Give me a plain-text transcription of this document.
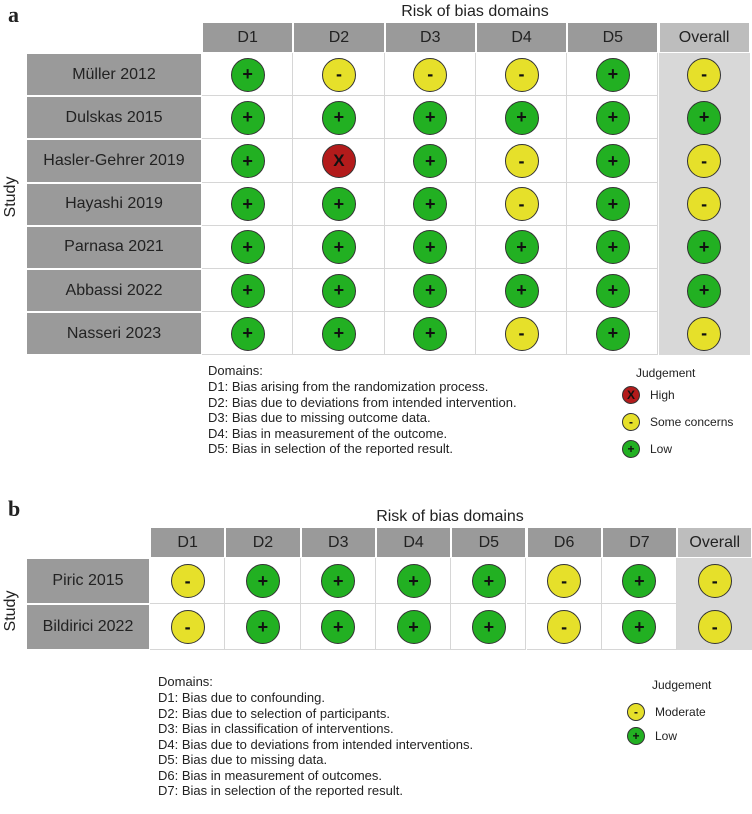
a	Risk of bias domains
Study
D1	D2	D3	D4	D5	Overall
Müller 2012	+	-	-	-	+	-
Dulskas 2015	+	+	+	+	+	+
Hasler-Gehrer 2019	+	X	+	-	+	-
Hayashi 2019	+	+	+	-	+	-
Parnasa 2021	+	+	+	+	+	+
Abbassi 2022	+	+	+	+	+	+
Nasseri 2023	+	+	+	-	+	-
Domains:
D1: Bias arising from the randomization process.
D2: Bias due to deviations from intended intervention.
D3: Bias due to missing outcome data.
D4: Bias in measurement of the outcome.
D5: Bias in selection of the reported result.
Judgement
X	High
-	Some concerns
+	Low
b	Risk of bias domains
Study
D1	D2	D3	D4	D5	D6	D7	Overall
Piric 2015	-	+	+	+	+	-	+	-
Bildirici 2022	-	+	+	+	+	-	+	-
Domains:
D1: Bias due to confounding.
D2: Bias due to selection of participants.
D3: Bias in classification of interventions.
D4: Bias due to deviations from intended interventions.
D5: Bias due to missing data.
D6: Bias in measurement of outcomes.
D7: Bias in selection of the reported result.
Judgement
-	Moderate
+	Low
